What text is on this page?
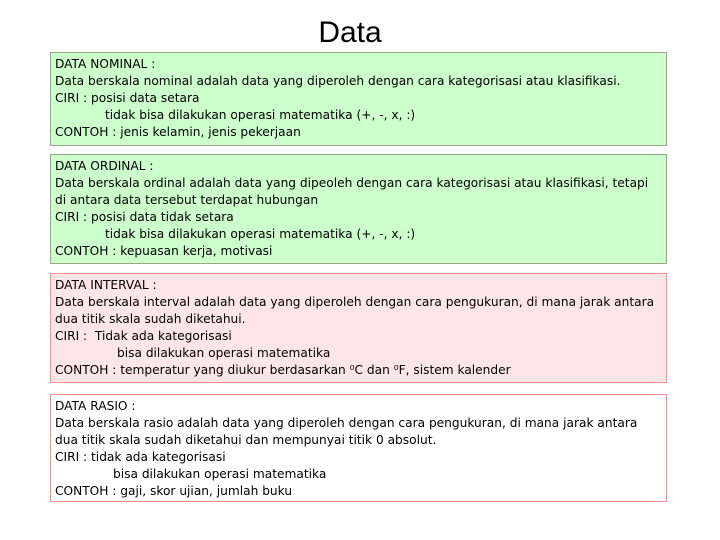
Data
DATA NOMINAL :
Data berskala nominal adalah data yang diperoleh dengan cara kategorisasi atau klasifikasi.
CIRI : posisi data setara
tidak bisa dilakukan operasi matematika (+, -, x, :)
CONTOH : jenis kelamin, jenis pekerjaan
DATA ORDINAL :
Data berskala ordinal adalah data yang dipeoleh dengan cara kategorisasi atau klasifikasi, tetapi di antara data tersebut terdapat hubungan
CIRI : posisi data tidak setara
tidak bisa dilakukan operasi matematika (+, -, x, :)
CONTOH : kepuasan kerja, motivasi
DATA INTERVAL :
Data berskala interval adalah data yang diperoleh dengan cara pengukuran, di mana jarak antara dua titik skala sudah diketahui.
CIRI : Tidak ada kategorisasi
bisa dilakukan operasi matematika
CONTOH : temperatur yang diukur berdasarkan ⁰C dan ⁰F, sistem kalender
DATA RASIO :
Data berskala rasio adalah data yang diperoleh dengan cara pengukuran, di mana jarak antara dua titik skala sudah diketahui dan mempunyai titik 0 absolut.
CIRI : tidak ada kategorisasi
bisa dilakukan operasi matematika
CONTOH : gaji, skor ujian, jumlah buku
